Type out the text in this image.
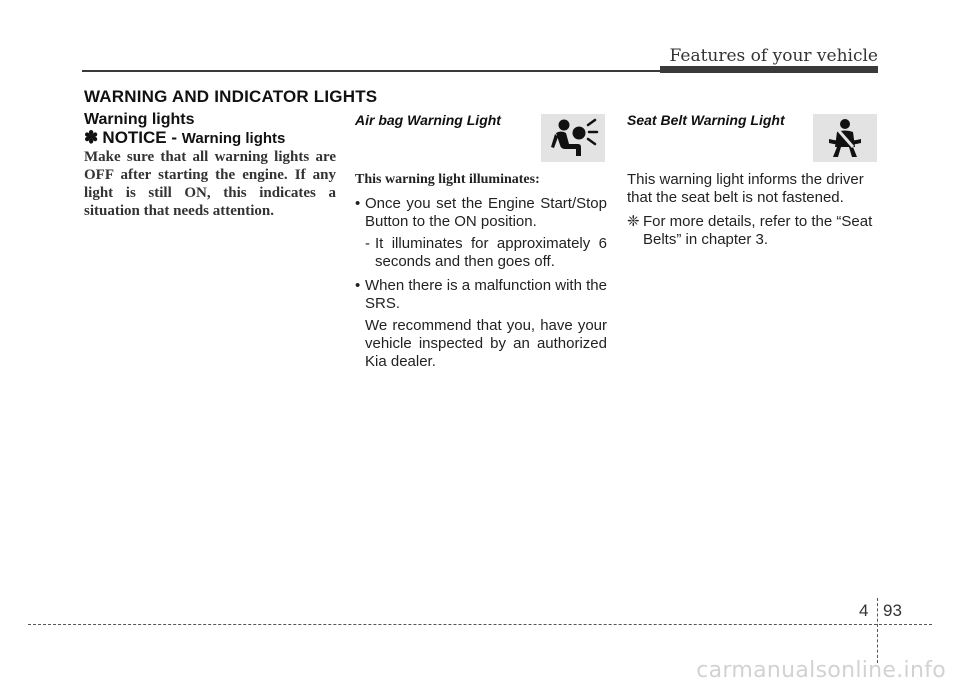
Features of your vehicle
WARNING AND INDICATOR LIGHTS

Warning lights

✽ NOTICE - Warning lights

Make sure that all warning lights are OFF after starting the engine. If any light is still ON, this indicates a situation that needs attention.

Air bag Warning Light

This warning light illuminates:

• Once you set the Engine Start/Stop Button to the ON position.

- It illuminates for approximately 6 seconds and then goes off.

• When there is a malfunction with the SRS.

We recommend that you, have your vehicle inspected by an authorized Kia dealer.

Seat Belt Warning Light

This warning light informs the driver that the seat belt is not fastened.

❈ For more details, refer to the “Seat Belts” in chapter 3.

4 93
carmanualsonline.info
